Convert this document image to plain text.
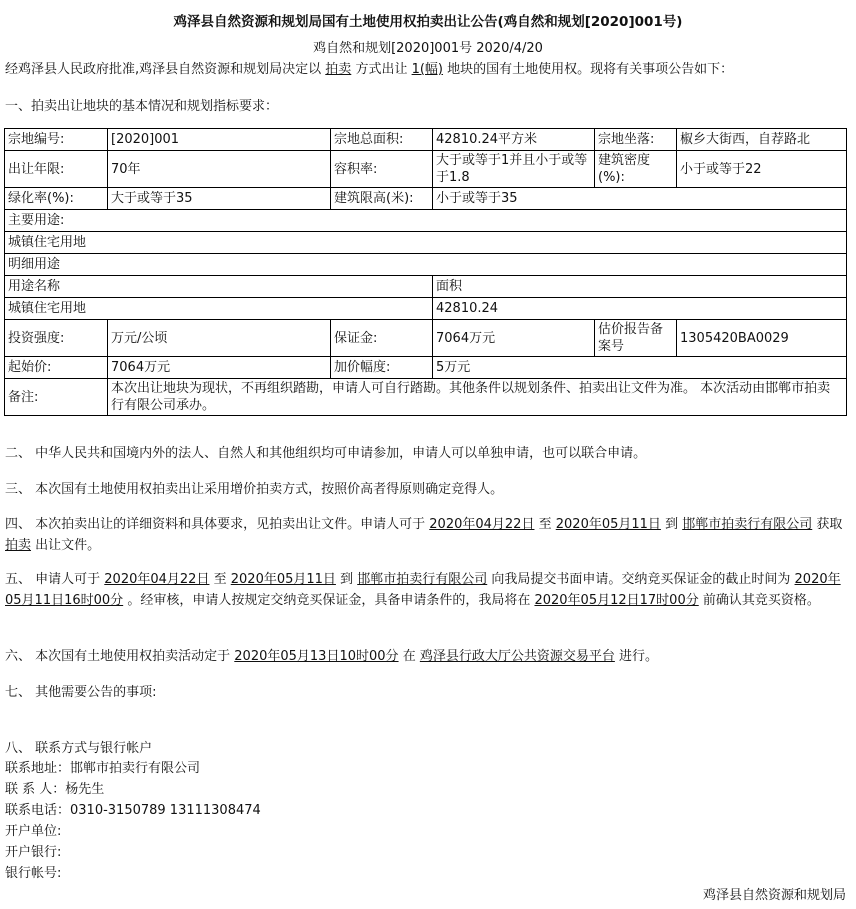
鸡泽县自然资源和规划局国有土地使用权拍卖出让公告(鸡自然和规划[2020]001号)
鸡自然和规划[2020]001号 2020/4/20
经鸡泽县人民政府批准,鸡泽县自然资源和规划局决定以 拍卖 方式出让 1(幅) 地块的国有土地使用权。现将有关事项公告如下：
一、拍卖出让地块的基本情况和规划指标要求：
宗地编号:	[2020]001	宗地总面积:	42810.24平方米	宗地坐落:	椒乡大街西，自荐路北
出让年限:	70年	容积率:	大于或等于1并且小于或等于1.8	建筑密度(%):	小于或等于22
绿化率(%):	大于或等于35	建筑限高(米):	小于或等于35		
主要用途:					
城镇住宅用地					
明细用途					
用途名称			面积		
城镇住宅用地			42810.24		
投资强度:	万元/公顷	保证金:	7064万元	估价报告备案号	1305420BA0029
起始价:	7064万元	加价幅度:	5万元		
备注:	本次出让地块为现状，不再组织踏勘，申请人可自行踏勘。其他条件以规划条件、拍卖出让文件为准。 本次活动由邯郸市拍卖行有限公司承办。				
二、 中华人民共和国境内外的法人、自然人和其他组织均可申请参加，申请人可以单独申请，也可以联合申请。
三、 本次国有土地使用权拍卖出让采用增价拍卖方式，按照价高者得原则确定竞得人。
四、 本次拍卖出让的详细资料和具体要求，见拍卖出让文件。申请人可于 2020年04月22日 至 2020年05月11日 到 邯郸市拍卖行有限公司 获取 拍卖 出让文件。
五、 申请人可于 2020年04月22日 至 2020年05月11日 到 邯郸市拍卖行有限公司 向我局提交书面申请。交纳竞买保证金的截止时间为 2020年05月11日16时00分 。经审核，申请人按规定交纳竞买保证金，具备申请条件的，我局将在 2020年05月12日17时00分 前确认其竞买资格。
六、 本次国有土地使用权拍卖活动定于 2020年05月13日10时00分 在 鸡泽县行政大厅公共资源交易平台 进行。
七、 其他需要公告的事项:
八、 联系方式与银行帐户
联系地址：邯郸市拍卖行有限公司
联 系 人：杨先生
联系电话：0310-3150789 13111308474
开户单位:
开户银行:
银行帐号:
鸡泽县自然资源和规划局
